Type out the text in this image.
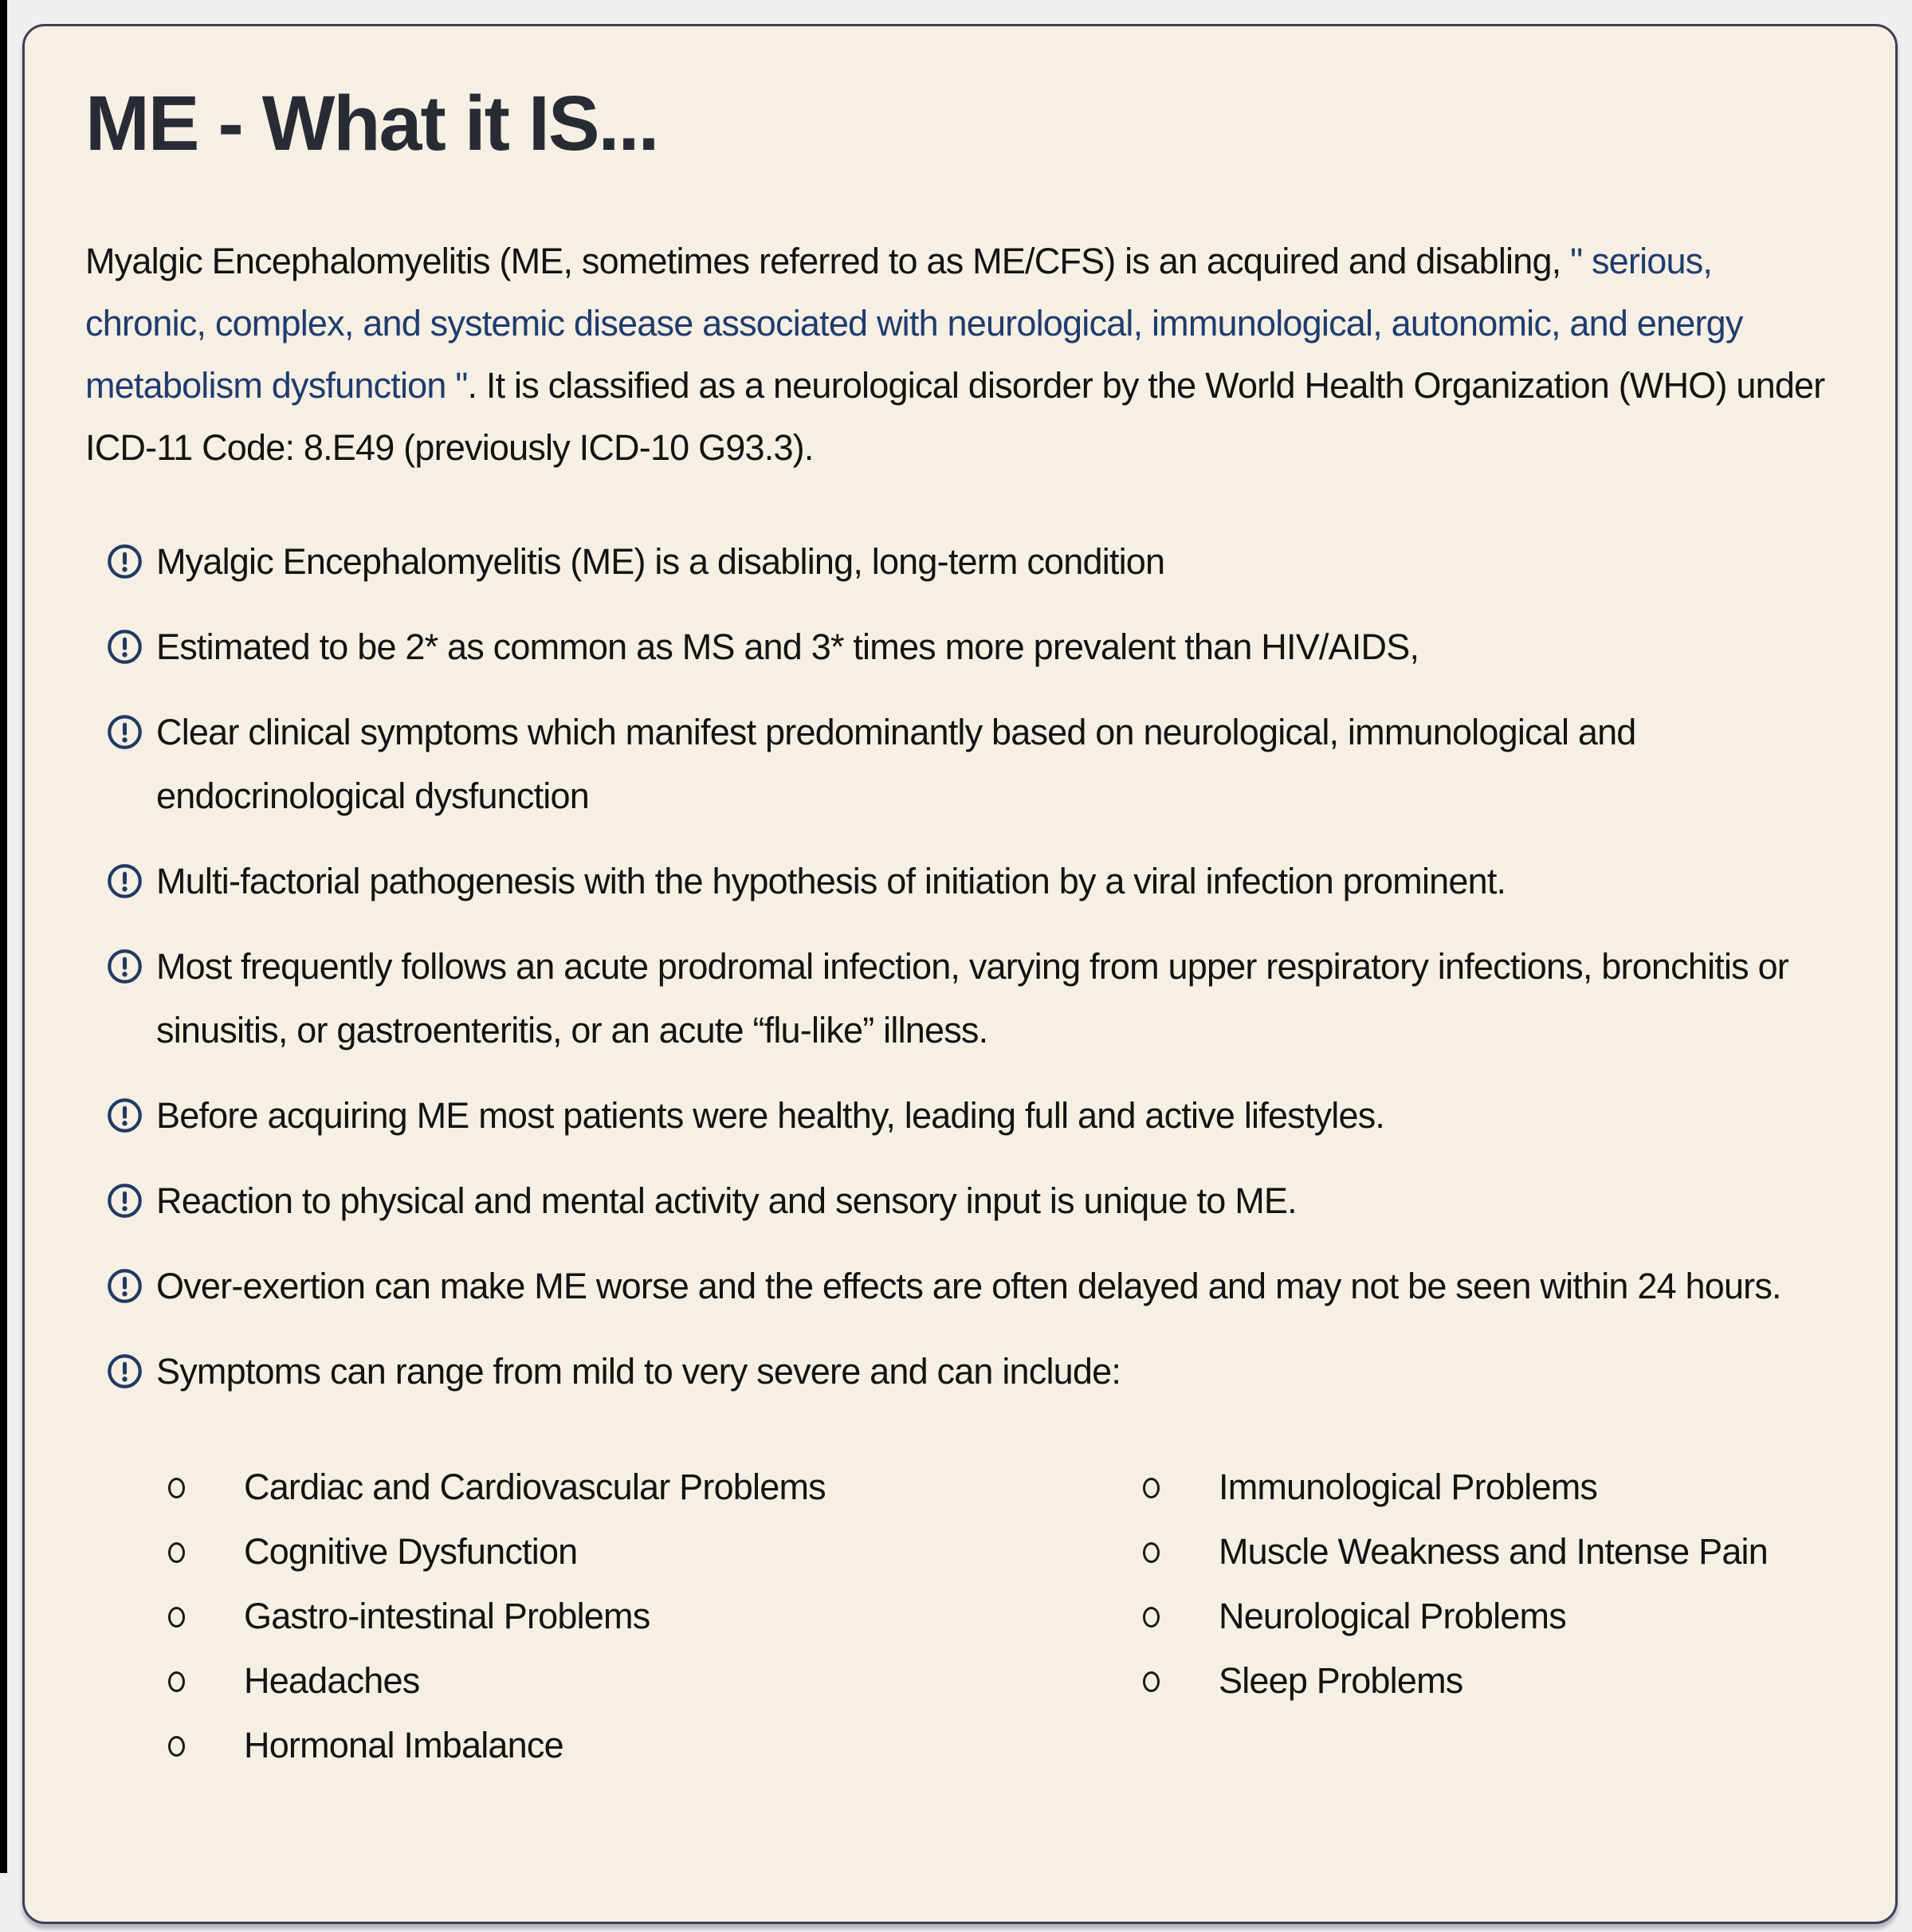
ME - What it IS...

Myalgic Encephalomyelitis (ME, sometimes referred to as ME/CFS) is an acquired and disabling, " serious, chronic, complex, and systemic disease associated with neurological, immunological, autonomic, and energy metabolism dysfunction ". It is classified as a neurological disorder by the World Health Organization (WHO) under ICD-11 Code: 8.E49 (previously ICD-10 G93.3).

Myalgic Encephalomyelitis (ME) is a disabling, long-term condition
Estimated to be 2* as common as MS and 3* times more prevalent than HIV/AIDS,
Clear clinical symptoms which manifest predominantly based on neurological, immunological and endocrinological dysfunction
Multi-factorial pathogenesis with the hypothesis of initiation by a viral infection prominent.
Most frequently follows an acute prodromal infection, varying from upper respiratory infections, bronchitis or sinusitis, or gastroenteritis, or an acute “flu-like” illness.
Before acquiring ME most patients were healthy, leading full and active lifestyles.
Reaction to physical and mental activity and sensory input is unique to ME.
Over-exertion can make ME worse and the effects are often delayed and may not be seen within 24 hours.
Symptoms can range from mild to very severe and can include:
Cardiac and Cardiovascular Problems
Cognitive Dysfunction
Gastro-intestinal Problems
Headaches
Hormonal Imbalance
Immunological Problems
Muscle Weakness and Intense Pain
Neurological Problems
Sleep Problems
